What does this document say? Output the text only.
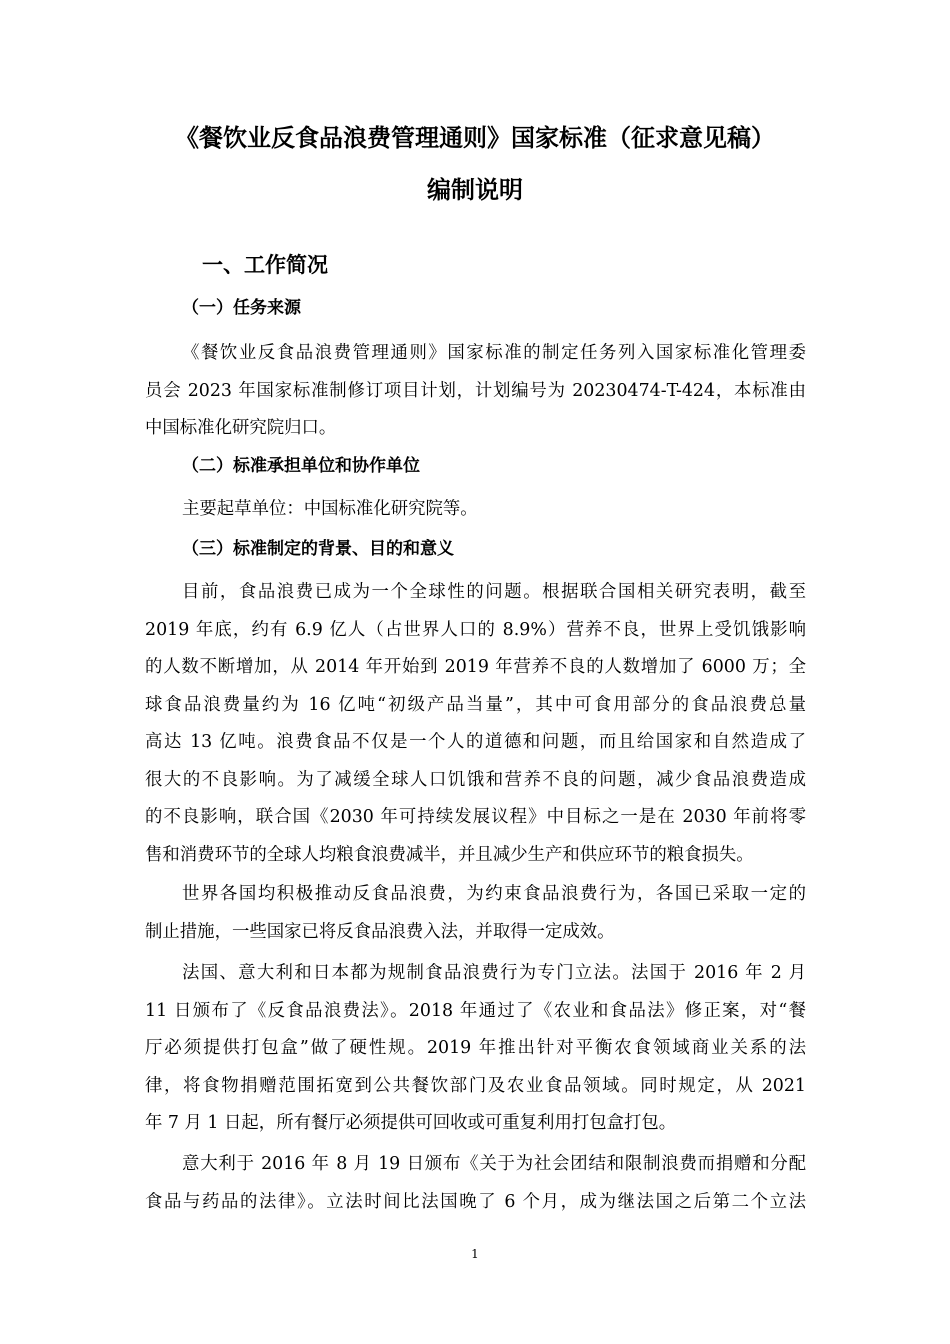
《餐饮业反食品浪费管理通则》国家标准（征求意见稿）
编制说明
一、工作简况
（一）任务来源
《餐饮业反食品浪费管理通则》国家标准的制定任务列入国家标准化管理委
员会 2023 年国家标准制修订项目计划，计划编号为 20230474-T-424，本标准由
中国标准化研究院归口。
（二）标准承担单位和协作单位
主要起草单位：中国标准化研究院等。
（三）标准制定的背景、目的和意义
目前，食品浪费已成为一个全球性的问题。根据联合国相关研究表明，截至
2019 年底，约有 6.9 亿人（占世界人口的 8.9%）营养不良，世界上受饥饿影响
的人数不断增加，从 2014 年开始到 2019 年营养不良的人数增加了 6000 万；全
球食品浪费量约为 16 亿吨“初级产品当量”，其中可食用部分的食品浪费总量
高达 13 亿吨。浪费食品不仅是一个人的道德和问题，而且给国家和自然造成了
很大的不良影响。为了减缓全球人口饥饿和营养不良的问题，减少食品浪费造成
的不良影响，联合国《2030 年可持续发展议程》中目标之一是在 2030 年前将零
售和消费环节的全球人均粮食浪费减半，并且减少生产和供应环节的粮食损失。
世界各国均积极推动反食品浪费，为约束食品浪费行为，各国已采取一定的
制止措施，一些国家已将反食品浪费入法，并取得一定成效。
法国、意大利和日本都为规制食品浪费行为专门立法。法国于 2016 年 2 月
11 日颁布了《反食品浪费法》。2018 年通过了《农业和食品法》修正案，对“餐
厅必须提供打包盒”做了硬性规。2019 年推出针对平衡农食领域商业关系的法
律，将食物捐赠范围拓宽到公共餐饮部门及农业食品领域。同时规定，从 2021
年 7 月 1 日起，所有餐厅必须提供可回收或可重复利用打包盒打包。
意大利于 2016 年 8 月 19 日颁布《关于为社会团结和限制浪费而捐赠和分配
食品与药品的法律》。立法时间比法国晚了 6 个月，成为继法国之后第二个立法
1
